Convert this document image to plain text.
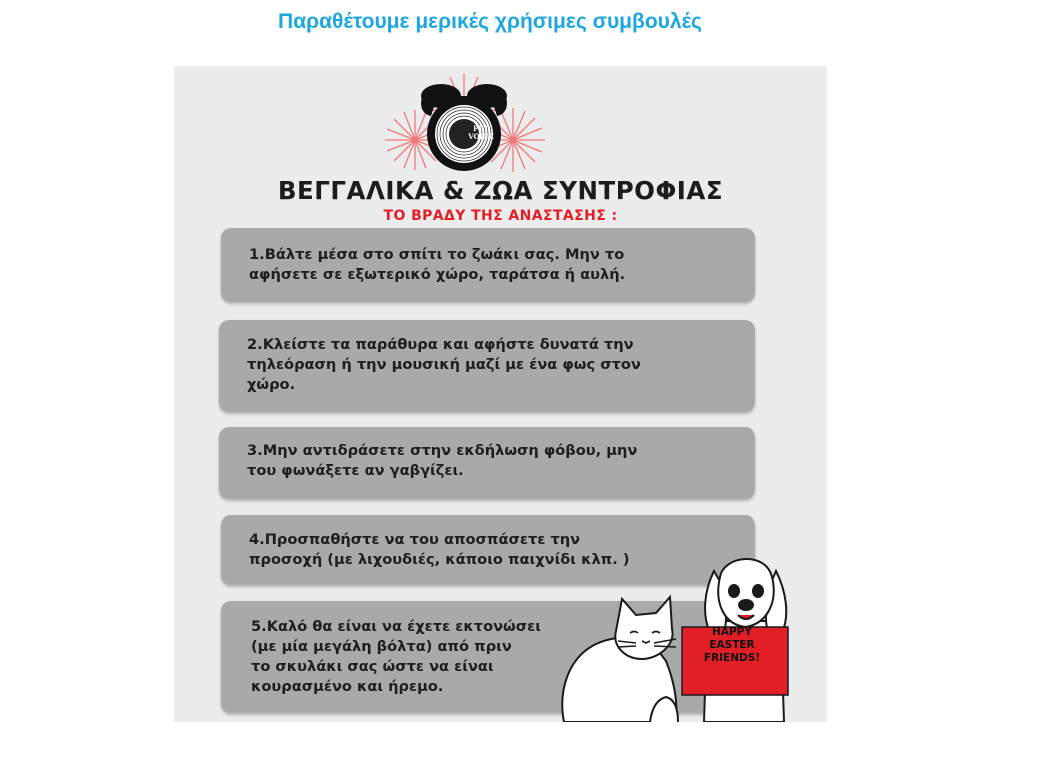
Παραθέτουμε μερικές χρήσιμες συμβουλές
PET
VOICE
ΒΕΓΓΑΛΙΚΑ & ΖΩΑ ΣΥΝΤΡΟΦΙΑΣ
ΤΟ ΒΡΑΔΥ ΤΗΣ ΑΝΑΣΤΑΣΗΣ :
1.Βάλτε μέσα στο σπίτι το ζωάκι σας. Μην το
αφήσετε σε εξωτερικό χώρο, ταράτσα ή αυλή.
2.Κλείστε τα παράθυρα και αφήστε δυνατά την
τηλεόραση ή την μουσική μαζί με ένα φως στον
χώρο.
3.Μην αντιδράσετε στην εκδήλωση φόβου, μην
του φωνάξετε αν γαβγίζει.
4.Προσπαθήστε να του αποσπάσετε την
προσοχή (με λιχουδιές, κάποιο παιχνίδι κλπ. )
5.Καλό θα είναι να έχετε εκτονώσει
(με μία μεγάλη βόλτα) από πριν
το σκυλάκι σας ώστε να είναι
κουρασμένο και ήρεμο.
HAPPY
EASTER
FRIENDS!
